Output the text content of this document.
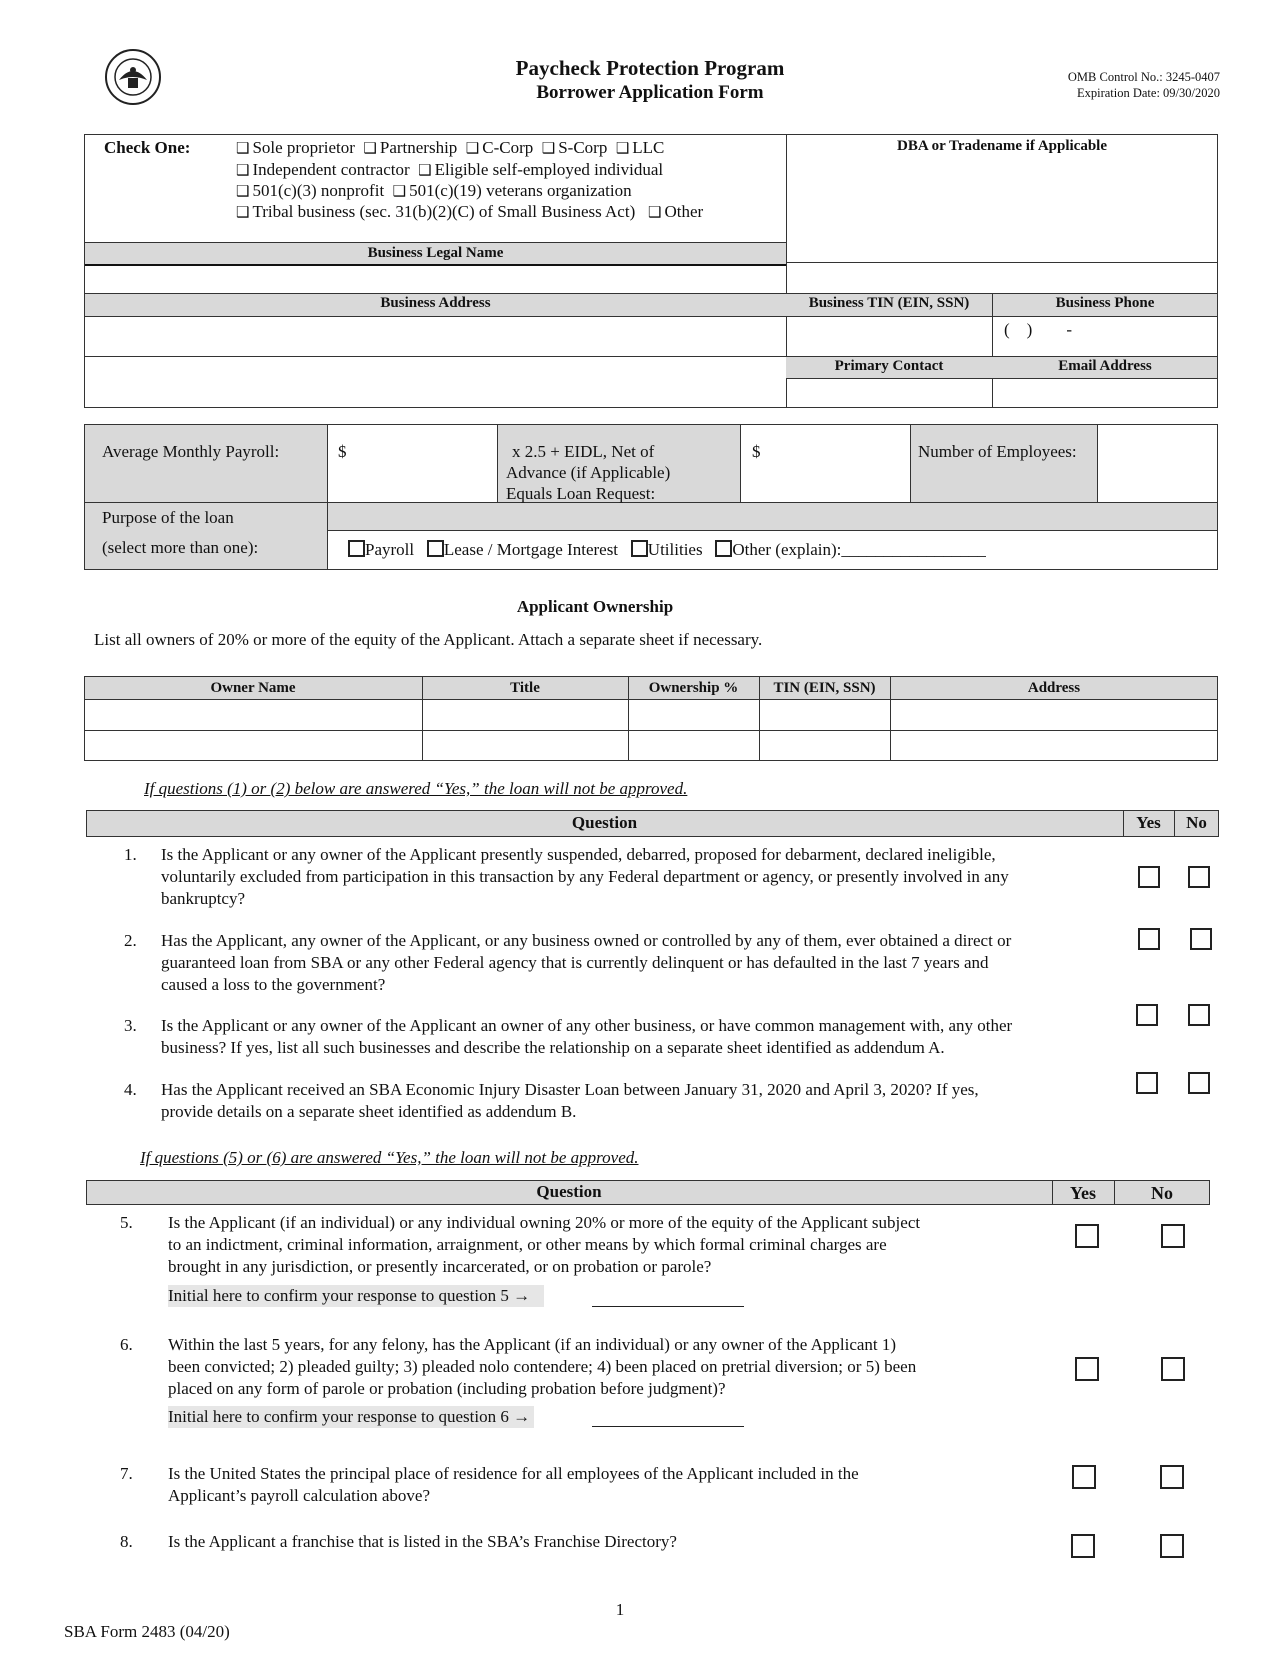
Paycheck Protection Program
Borrower Application Form
OMB Control No.: 3245-0407
Expiration Date: 09/30/2020
Check One:	❑ Sole proprietor ❑ Partnership ❑ C-Corp ❑ S-Corp ❑ LLC
❑ Independent contractor ❑ Eligible self-employed individual
❑ 501(c)(3) nonprofit ❑ 501(c)(19) veterans organization
❑ Tribal business (sec. 31(b)(2)(C) of Small Business Act) ❑ Other
DBA or Tradename if Applicable
Business Legal Name
Business Address	Business TIN (EIN, SSN)	Business Phone
(    )        -
Primary Contact	Email Address
Average Monthly Payroll:	$	x 2.5 + EIDL, Net of
Advance (if Applicable)
Equals Loan Request:
$	Number of Employees:
Purpose of the loan
(select more than one):	Payroll Lease / Mortgage Interest Utilities Other (explain):_________________
Applicant Ownership
List all owners of 20% or more of the equity of the Applicant. Attach a separate sheet if necessary.
Owner Name	Title	Ownership %	TIN (EIN, SSN)	Address
If questions (1) or (2) below are answered “Yes,” the loan will not be approved.
Question	Yes	No
1. Is the Applicant or any owner of the Applicant presently suspended, debarred, proposed for debarment, declared ineligible,
voluntarily excluded from participation in this transaction by any Federal department or agency, or presently involved in any
bankruptcy?
2. Has the Applicant, any owner of the Applicant, or any business owned or controlled by any of them, ever obtained a direct or
guaranteed loan from SBA or any other Federal agency that is currently delinquent or has defaulted in the last 7 years and
caused a loss to the government?
3. Is the Applicant or any owner of the Applicant an owner of any other business, or have common management with, any other
business? If yes, list all such businesses and describe the relationship on a separate sheet identified as addendum A.
4. Has the Applicant received an SBA Economic Injury Disaster Loan between January 31, 2020 and April 3, 2020? If yes,
provide details on a separate sheet identified as addendum B.
If questions (5) or (6) are answered “Yes,” the loan will not be approved.
Question	Yes	No
5. Is the Applicant (if an individual) or any individual owning 20% or more of the equity of the Applicant subject
to an indictment, criminal information, arraignment, or other means by which formal criminal charges are
brought in any jurisdiction, or presently incarcerated, or on probation or parole?
Initial here to confirm your response to question 5 →
6. Within the last 5 years, for any felony, has the Applicant (if an individual) or any owner of the Applicant 1)
been convicted; 2) pleaded guilty; 3) pleaded nolo contendere; 4) been placed on pretrial diversion; or 5) been
placed on any form of parole or probation (including probation before judgment)?
Initial here to confirm your response to question 6 →
7. Is the United States the principal place of residence for all employees of the Applicant included in the
Applicant’s payroll calculation above?
8. Is the Applicant a franchise that is listed in the SBA’s Franchise Directory?
1
SBA Form 2483 (04/20)
